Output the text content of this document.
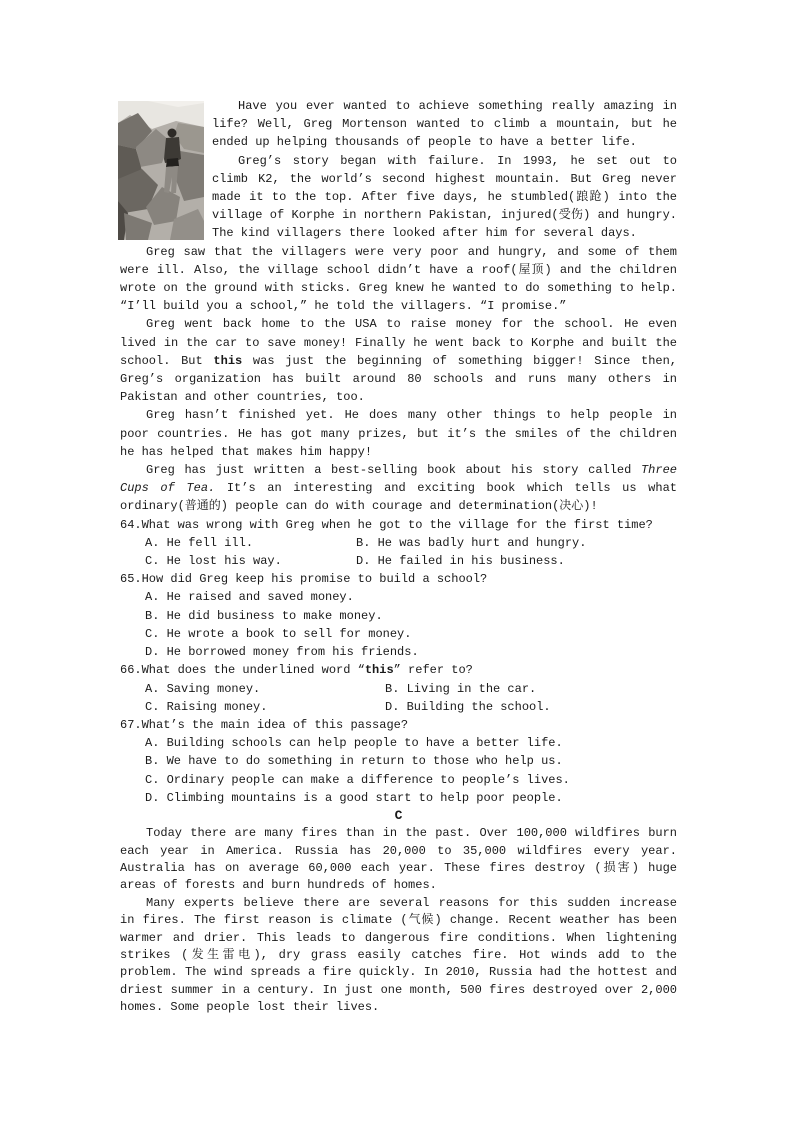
Have you ever wanted to achieve something really amazing in life? Well, Greg Mortenson wanted to climb a mountain, but he ended up helping thousands of people to have a better life.

Greg’s story began with failure. In 1993, he set out to climb K2, the world’s second highest mountain. But Greg never made it to the top. After five days, he stumbled(踉跄) into the village of Korphe in northern Pakistan, injured(受伤) and hungry. The kind villagers there looked after him for several days.

Greg saw that the villagers were very poor and hungry, and some of them were ill. Also, the village school didn’t have a roof(屋顶) and the children wrote on the ground with sticks. Greg knew he wanted to do something to help. “I’ll build you a school,” he told the villagers. “I promise.”

Greg went back home to the USA to raise money for the school. He even lived in the car to save money! Finally he went back to Korphe and built the school. But this was just the beginning of something bigger! Since then, Greg’s organization has built around 80 schools and runs many others in Pakistan and other countries, too.

Greg hasn’t finished yet. He does many other things to help people in poor countries. He has got many prizes, but it’s the smiles of the children he has helped that makes him happy!

Greg has just written a best-selling book about his story called Three Cups of Tea. It’s an interesting and exciting book which tells us what ordinary(普通的) people can do with courage and determination(决心)!

64.What was wrong with Greg when he got to the village for the first time?
A. He fell ill.	B. He was badly hurt and hungry.
C. He lost his way.	D. He failed in his business.
65.How did Greg keep his promise to build a school?
A. He raised and saved money.
B. He did business to make money.
C. He wrote a book to sell for money.
D. He borrowed money from his friends.
66.What does the underlined word “this” refer to?
A. Saving money.	B. Living in the car.
C. Raising money.	D. Building the school.
67.What’s the main idea of this passage?
A. Building schools can help people to have a better life.
B. We have to do something in return to those who help us.
C. Ordinary people can make a difference to people’s lives.
D. Climbing mountains is a good start to help poor people.
C

Today there are many fires than in the past. Over 100,000 wildfires burn each year in America. Russia has 20,000 to 35,000 wildfires every year. Australia has on average 60,000 each year. These fires destroy (损害) huge areas of forests and burn hundreds of homes.

Many experts believe there are several reasons for this sudden increase in fires. The first reason is climate (气候) change. Recent weather has been warmer and drier. This leads to dangerous fire conditions. When lightening strikes (发生雷电), dry grass easily catches fire. Hot winds add to the problem. The wind spreads a fire quickly. In 2010, Russia had the hottest and driest summer in a century. In just one month, 500 fires destroyed over 2,000 homes. Some people lost their lives.
